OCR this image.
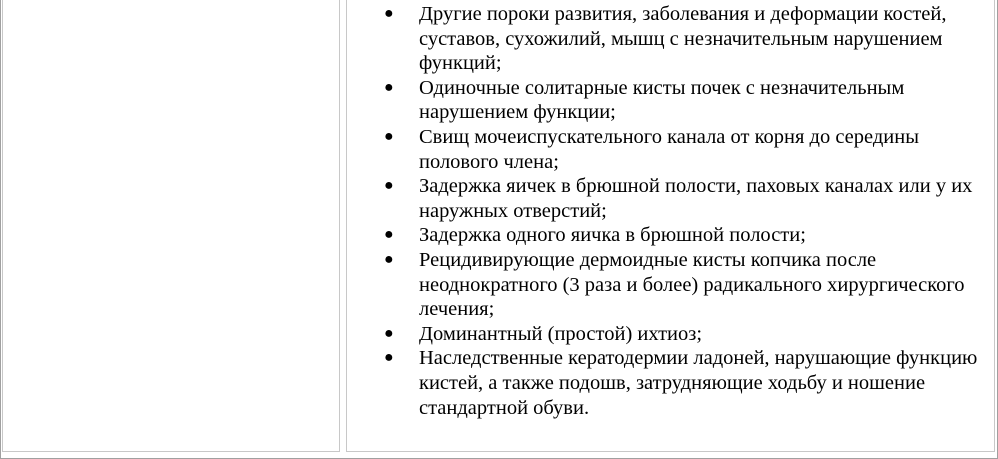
● Другие пороки развития, заболевания и деформации костей, суставов, сухожилий, мышц с незначительным нарушением функций;
● Одиночные солитарные кисты почек с незначительным нарушением функции;
● Свищ мочеиспускательного канала от корня до середины полового члена;
● Задержка яичек в брюшной полости, паховых каналах или у их наружных отверстий;
● Задержка одного яичка в брюшной полости;
● Рецидивирующие дермоидные кисты копчика после неоднократного (3 раза и более) радикального хирургического лечения;
● Доминантный (простой) ихтиоз;
● Наследственные кератодермии ладоней, нарушающие функцию кистей, а также подошв, затрудняющие ходьбу и ношение стандартной обуви.
